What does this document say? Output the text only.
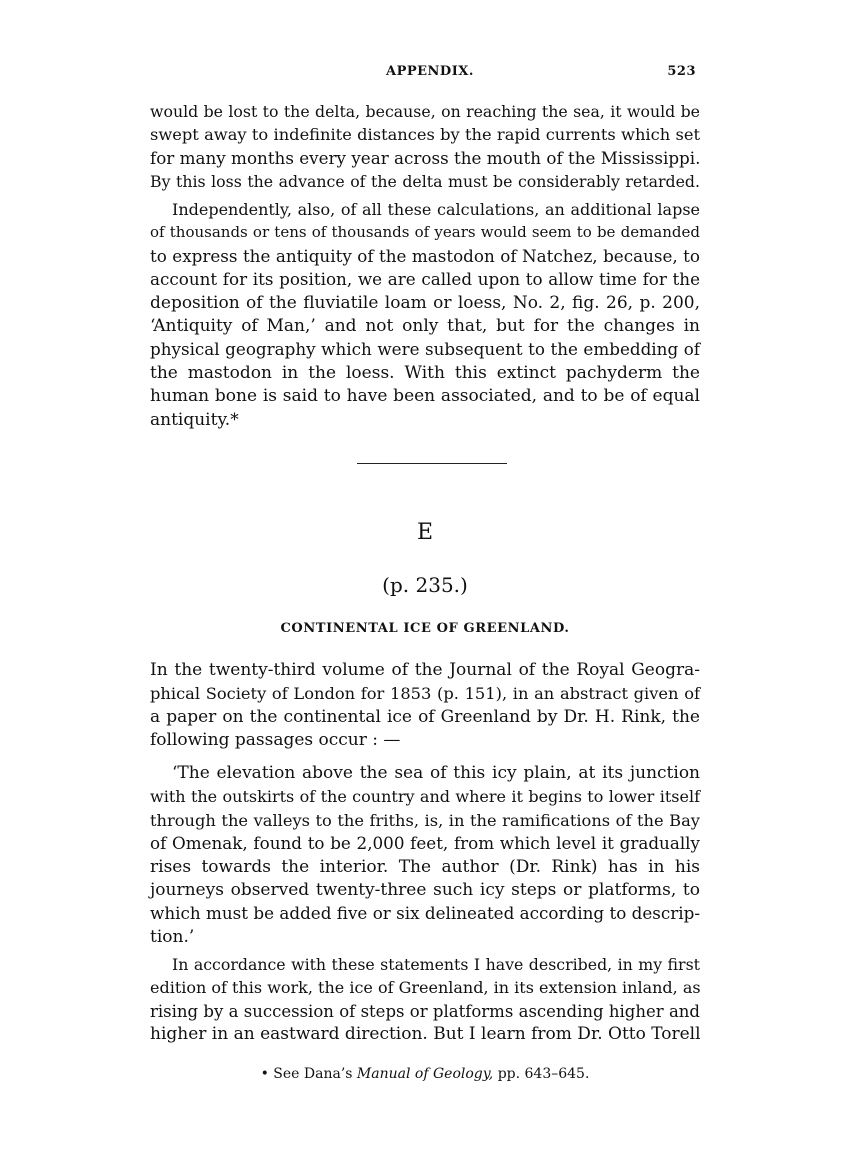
APPENDIX.	523
would be lost to the delta, because, on reaching the sea, it would be
swept away to indefinite distances by the rapid currents which set
for many months every year across the mouth of the Mississippi.
By this loss the advance of the delta must be considerably retarded.
Independently, also, of all these calculations, an additional lapse
of thousands or tens of thousands of years would seem to be demanded
to express the antiquity of the mastodon of Natchez, because, to
account for its position, we are called upon to allow time for the
deposition of the fluviatile loam or loess, No. 2, fig. 26, p. 200,
‘Antiquity of Man,’ and not only that, but for the changes in
physical geography which were subsequent to the embedding of
the mastodon in the loess. With this extinct pachyderm the
human bone is said to have been associated, and to be of equal
antiquity.*
E
(p. 235.)
CONTINENTAL ICE OF GREENLAND.
In the twenty-third volume of the Journal of the Royal Geogra-
phical Society of London for 1853 (p. 151), in an abstract given of
a paper on the continental ice of Greenland by Dr. H. Rink, the
following passages occur : —
‘The elevation above the sea of this icy plain, at its junction
with the outskirts of the country and where it begins to lower itself
through the valleys to the friths, is, in the ramifications of the Bay
of Omenak, found to be 2,000 feet, from which level it gradually
rises towards the interior. The author (Dr. Rink) has in his
journeys observed twenty-three such icy steps or platforms, to
which must be added five or six delineated according to descrip-
tion.’
In accordance with these statements I have described, in my first
edition of this work, the ice of Greenland, in its extension inland, as
rising by a succession of steps or platforms ascending higher and
higher in an eastward direction. But I learn from Dr. Otto Torell
• See Dana’s Manual of Geology, pp. 643–645.
